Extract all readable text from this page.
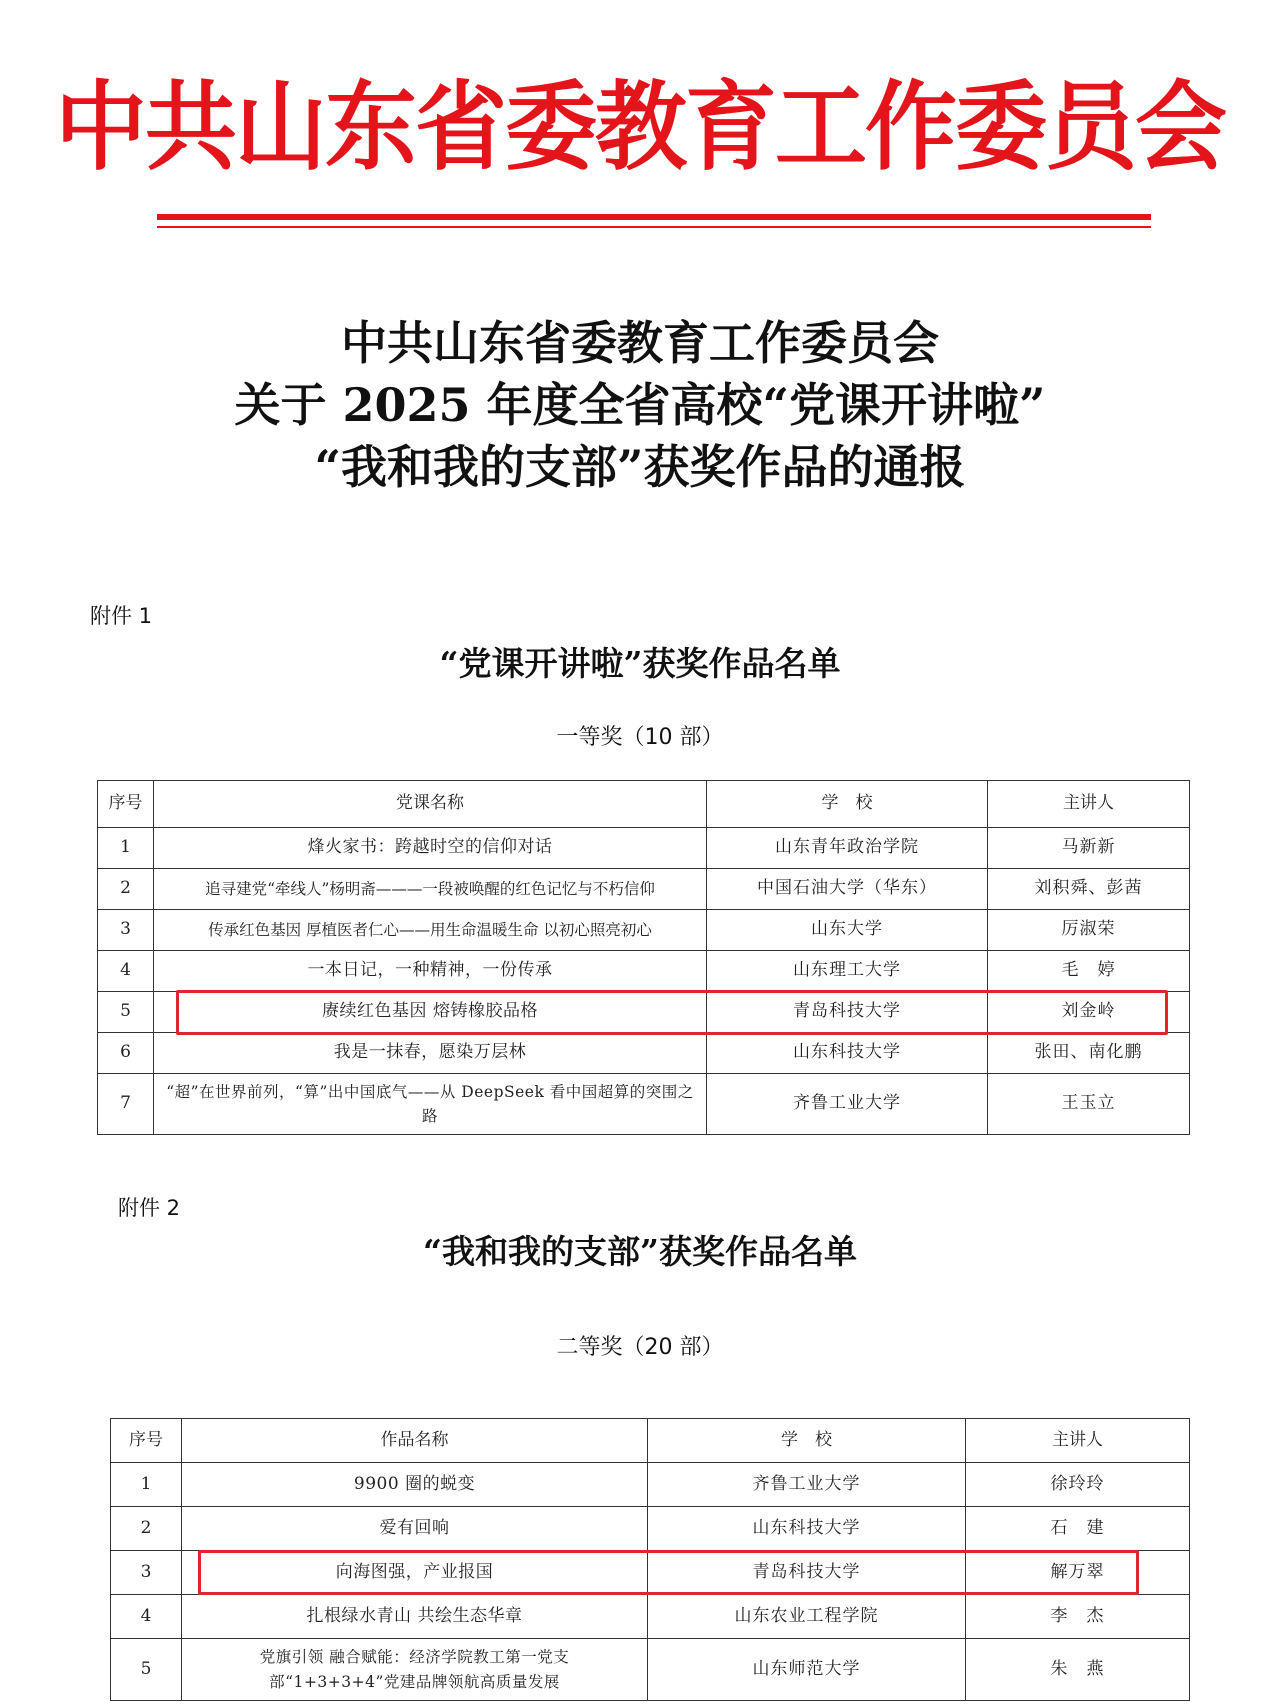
中共山东省委教育工作委员会
中共山东省委教育工作委员会
关于 2025 年度全省高校“党课开讲啦”
“我和我的支部”获奖作品的通报
附件 1
“党课开讲啦”获奖作品名单
一等奖（10 部）
序号	党课名称	学　校	主讲人
1	烽火家书：跨越时空的信仰对话	山东青年政治学院	马新新
2	追寻建党“牵线人”杨明斋———一段被唤醒的红色记忆与不朽信仰	中国石油大学（华东）	刘积舜、彭茜
3	传承红色基因 厚植医者仁心——用生命温暖生命 以初心照亮初心	山东大学	厉淑荣
4	一本日记，一种精神，一份传承	山东理工大学	毛　婷
5	赓续红色基因 熔铸橡胶品格	青岛科技大学	刘金岭
6	我是一抹春，愿染万层林	山东科技大学	张田、南化鹏
7	“超”在世界前列，“算”出中国底气——从 DeepSeek 看中国超算的突围之路	齐鲁工业大学	王玉立
附件 2
“我和我的支部”获奖作品名单
二等奖（20 部）
序号	作品名称	学　校	主讲人
1	9900 圈的蜕变	齐鲁工业大学	徐玲玲
2	爱有回响	山东科技大学	石　建
3	向海图强，产业报国	青岛科技大学	解万翠
4	扎根绿水青山 共绘生态华章	山东农业工程学院	李　杰
5	党旗引领 融合赋能：经济学院教工第一党支部“1+3+3+4”党建品牌领航高质量发展	山东师范大学	朱　燕
